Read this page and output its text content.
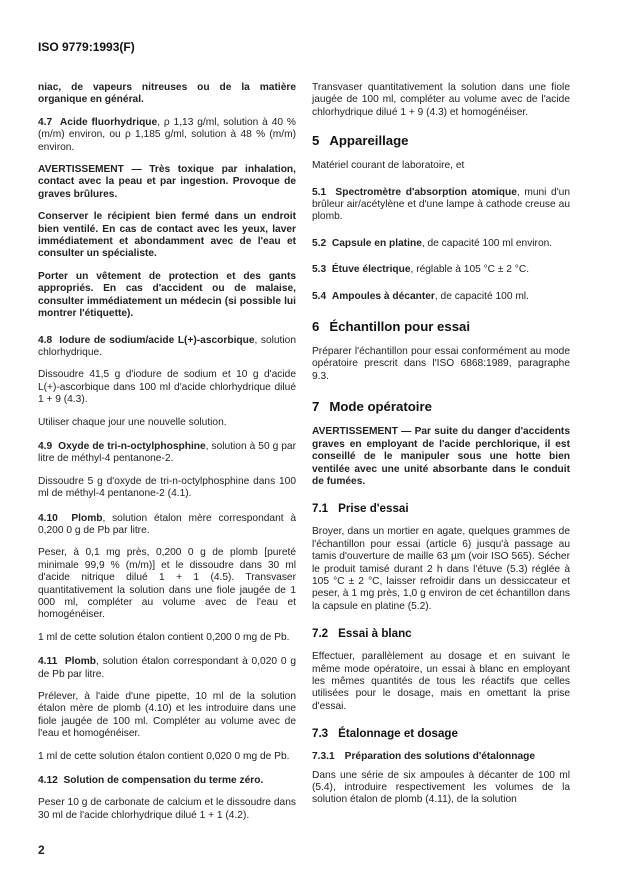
ISO 9779:1993(F)

niac, de vapeurs nitreuses ou de la matière organique en général.

4.7 Acide fluorhydrique, ρ 1,13 g/ml, solution à 40 % (m/m) environ, ou ρ 1,185 g/ml, solution à 48 % (m/m) environ.

AVERTISSEMENT — Très toxique par inhalation, contact avec la peau et par ingestion. Provoque de graves brûlures.

Conserver le récipient bien fermé dans un endroit bien ventilé. En cas de contact avec les yeux, laver immédiatement et abondamment avec de l'eau et consulter un spécialiste.

Porter un vêtement de protection et des gants appropriés. En cas d'accident ou de malaise, consulter immédiatement un médecin (si possible lui montrer l'étiquette).

4.8 Iodure de sodium/acide L(+)-ascorbique, solution chlorhydrique.

Dissoudre 41,5 g d'iodure de sodium et 10 g d'acide L(+)-ascorbique dans 100 ml d'acide chlorhydrique dilué 1 + 9 (4.3).

Utiliser chaque jour une nouvelle solution.

4.9 Oxyde de tri-n-octylphosphine, solution à 50 g par litre de méthyl-4 pentanone-2.

Dissoudre 5 g d'oxyde de tri-n-octylphosphine dans 100 ml de méthyl-4 pentanone-2 (4.1).

4.10 Plomb, solution étalon mère correspondant à 0,200 0 g de Pb par litre.

Peser, à 0,1 mg près, 0,200 0 g de plomb [pureté minimale 99,9 % (m/m)] et le dissoudre dans 30 ml d'acide nitrique dilué 1 + 1 (4.5). Transvaser quantitativement la solution dans une fiole jaugée de 1 000 ml, compléter au volume avec de l'eau et homogénéiser.

1 ml de cette solution étalon contient 0,200 0 mg de Pb.

4.11 Plomb, solution étalon correspondant à 0,020 0 g de Pb par litre.

Prélever, à l'aide d'une pipette, 10 ml de la solution étalon mère de plomb (4.10) et les introduire dans une fiole jaugée de 100 ml. Compléter au volume avec de l'eau et homogénéiser.

1 ml de cette solution étalon contient 0,020 0 mg de Pb.

4.12 Solution de compensation du terme zéro.

Peser 10 g de carbonate de calcium et le dissoudre dans 30 ml de l'acide chlorhydrique dilué 1 + 1 (4.2).

Transvaser quantitativement la solution dans une fiole jaugée de 100 ml, compléter au volume avec de l'acide chlorhydrique dilué 1 + 9 (4.3) et homogénéiser.

5 Appareillage

Matériel courant de laboratoire, et

5.1 Spectromètre d'absorption atomique, muni d'un brûleur air/acétylène et d'une lampe à cathode creuse au plomb.

5.2 Capsule en platine, de capacité 100 ml environ.

5.3 Étuve électrique, réglable à 105 °C ± 2 °C.

5.4 Ampoules à décanter, de capacité 100 ml.

6 Échantillon pour essai

Préparer l'échantillon pour essai conformément au mode opératoire prescrit dans l'ISO 6868:1989, paragraphe 9.3.

7 Mode opératoire

AVERTISSEMENT — Par suite du danger d'accidents graves en employant de l'acide perchlorique, il est conseillé de le manipuler sous une hotte bien ventilée avec une unité absorbante dans le conduit de fumées.

7.1 Prise d'essai

Broyer, dans un mortier en agate, quelques grammes de l'échantillon pour essai (article 6) jusqu'à passage au tamis d'ouverture de maille 63 µm (voir ISO 565). Sécher le produit tamisé durant 2 h dans l'étuve (5.3) réglée à 105 °C ± 2 °C, laisser refroidir dans un dessiccateur et peser, à 1 mg près, 1,0 g environ de cet échantillon dans la capsule en platine (5.2).

7.2 Essai à blanc

Effectuer, parallèlement au dosage et en suivant le même mode opératoire, un essai à blanc en employant les mêmes quantités de tous les réactifs que celles utilisées pour le dosage, mais en omettant la prise d'essai.

7.3 Étalonnage et dosage
7.3.1 Préparation des solutions d'étalonnage

Dans une série de six ampoules à décanter de 100 ml (5.4), introduire respectivement les volumes de la solution étalon de plomb (4.11), de la solution

2
